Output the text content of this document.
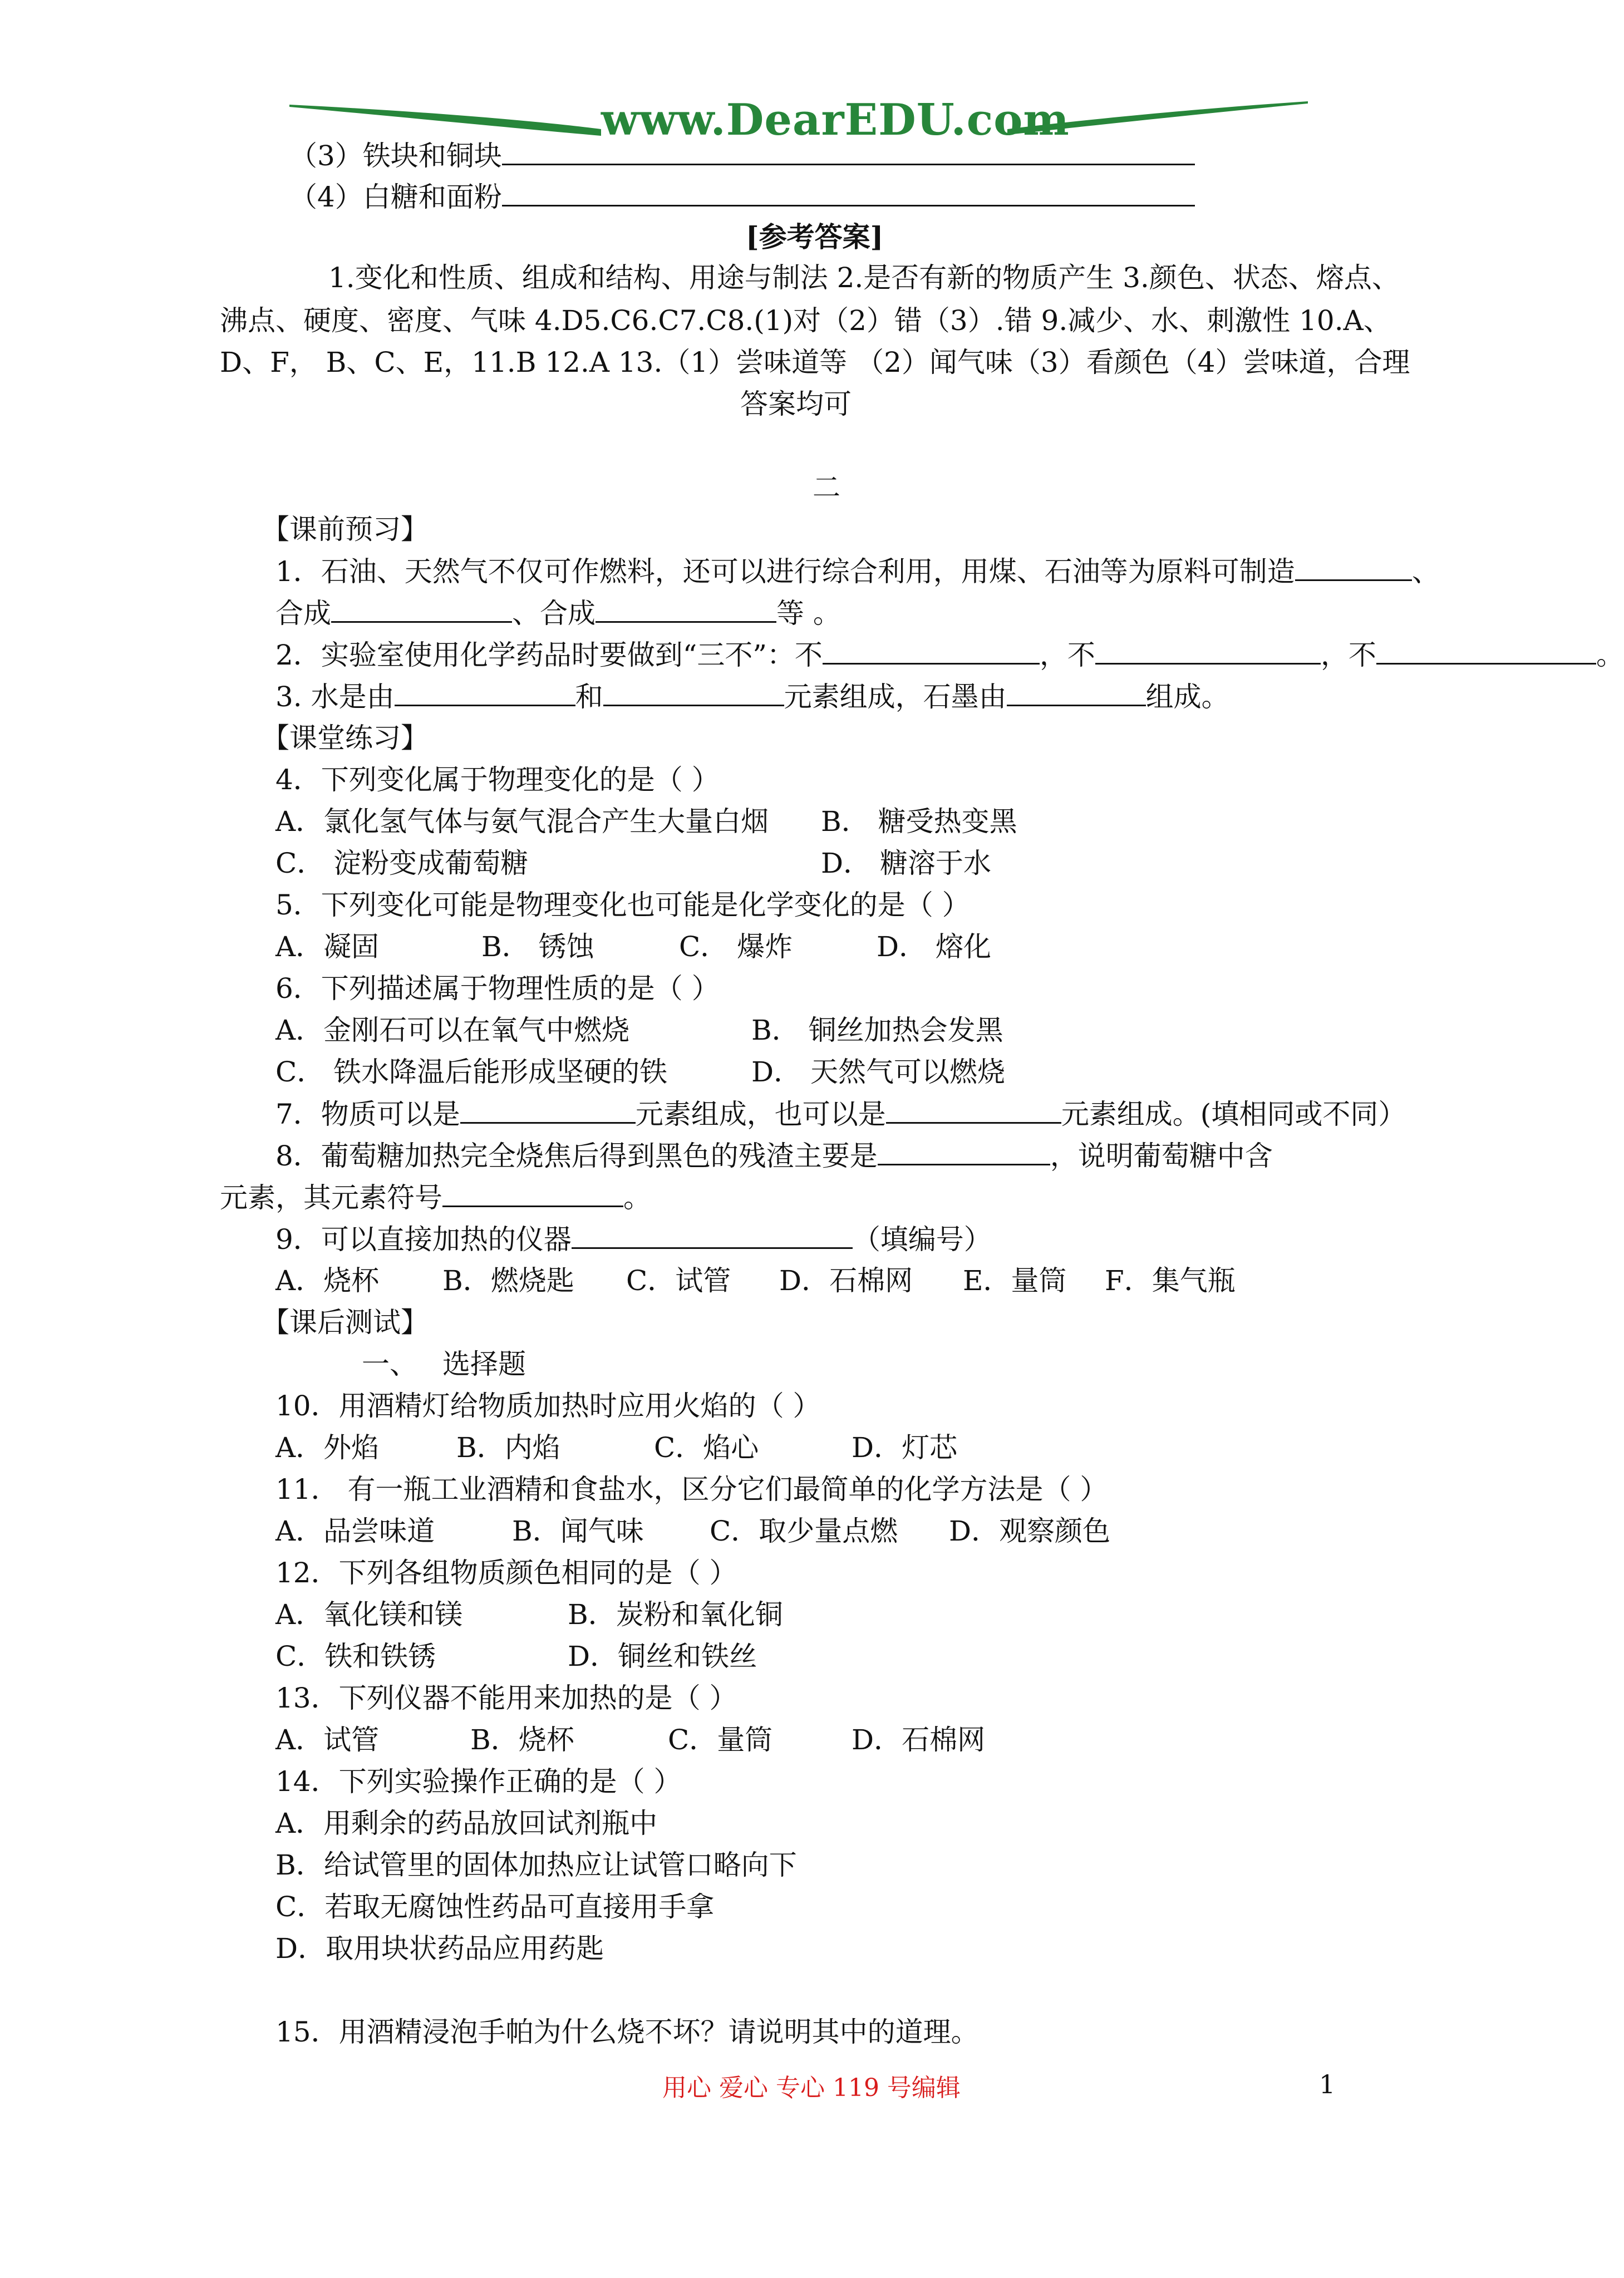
www.DearEDU.com
（3）铁块和铜块
（4）白糖和面粉
[参考答案]
1.变化和性质、组成和结构、用途与制法 2.是否有新的物质产生 3.颜色、状态、熔点、
沸点、硬度、密度、气味 4.D5.C6.C7.C8.(1)对（2）错（3）.错 9.减少、水、刺激性 10.A、
D、F， B、C、E，11.B 12.A 13.（1）尝味道等 （2）闻气味（3）看颜色（4）尝味道，合理
答案均可
二
【课前预习】
1．石油、天然气不仅可作燃料，还可以进行综合利用，用煤、石油等为原料可制造	、
合成	、合成	等 。
2．实验室使用化学药品时要做到“三不”：不	，不	，不	。
3. 水是由	和	元素组成，石墨由	组成。
【课堂练习】
4．下列变化属于物理变化的是（ ）
A．氯化氢气体与氨气混合产生大量白烟 B． 糖受热变黑
C． 淀粉变成葡萄糖	D． 糖溶于水
5．下列变化可能是物理变化也可能是化学变化的是（ ）
A．凝固	B． 锈蚀	C． 爆炸	D． 熔化
6．下列描述属于物理性质的是（ ）
A．金刚石可以在氧气中燃烧	B． 铜丝加热会发黑
C． 铁水降温后能形成坚硬的铁	D． 天然气可以燃烧
7．物质可以是	元素组成，也可以是	元素组成。(填相同或不同）
8．葡萄糖加热完全烧焦后得到黑色的残渣主要是	，说明葡萄糖中含
元素，其元素符号	。
9．可以直接加热的仪器	（填编号）
A．烧杯 B．燃烧匙 C．试管 D．石棉网 E．量筒 F．集气瓶
【课后测试】
一、 选择题
10．用酒精灯给物质加热时应用火焰的（ ）
A．外焰	B．内焰	C．焰心	D．灯芯
11． 有一瓶工业酒精和食盐水，区分它们最简单的化学方法是（ ）
A．品尝味道	B．闻气味 C．取少量点燃 D．观察颜色
12．下列各组物质颜色相同的是（ ）
A．氧化镁和镁	B．炭粉和氧化铜
C．铁和铁锈	D．铜丝和铁丝
13．下列仪器不能用来加热的是（ ）
A．试管	B．烧杯	C．量筒	D．石棉网
14．下列实验操作正确的是（ ）
A．用剩余的药品放回试剂瓶中
B．给试管里的固体加热应让试管口略向下
C．若取无腐蚀性药品可直接用手拿
D．取用块状药品应用药匙
15．用酒精浸泡手帕为什么烧不坏？请说明其中的道理。
用心 爱心 专心 119 号编辑	1
